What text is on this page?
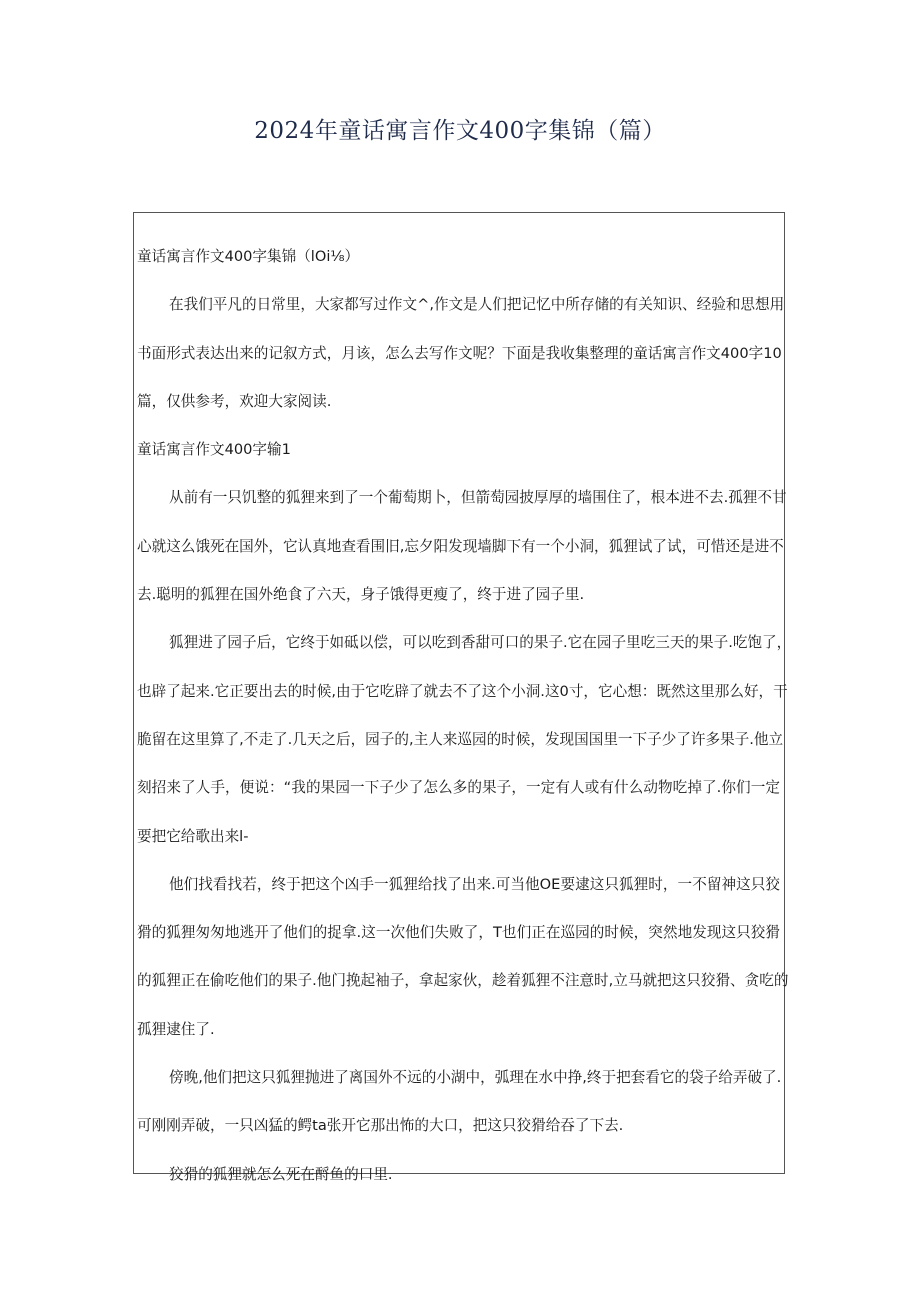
2024年童话寓言作文400字集锦（篇）
童话寓言作文400字集锦（lOi⅛）
在我们平凡的日常里，大家都写过作文^,作文是人们把记忆中所存储的有关知识、经验和思想用
书面形式表达出来的记叙方式，月该，怎么去写作文呢？下面是我收集整理的童话寓言作文400字10
篇，仅供参考，欢迎大家阅读.
童话寓言作文400字输1
从前有一只饥整的狐狸来到了一个葡萄期卜，但箭萄园披厚厚的墙围住了，根本进不去.孤狸不甘
心就这么饿死在国外，它认真地查看围旧,忘夕阳发现墙脚下有一个小洞，狐狸试了试，可惜还是进不
去.聪明的狐狸在国外绝食了六天，身子饿得更瘦了，终于进了园子里.
狐狸进了园子后，它终于如砥以偿，可以吃到香甜可口的果子.它在园子里吃三天的果子.吃饱了，
也辟了起来.它正要出去的时候,由于它吃辟了就去不了这个小洞.这0寸，它心想：既然这里那么好，干
脆留在这里算了,不走了.几天之后，园子的,主人来巡园的时候，发现国国里一下子少了许多果子.他立
刻招来了人手，便说：“我的果园一下子少了怎么多的果子，一定有人或有什么动物吃掉了.你们一定
要把它给歌出来l-
他们找看找若，终于把这个凶手一狐狸给找了出来.可当他OE要逮这只狐狸时，一不留神这只狡
猾的狐狸匆匆地逃开了他们的捉拿.这一次他们失败了，T也们正在巡园的时候，突然地发现这只狡猾
的狐狸正在偷吃他们的果子.他门挽起袖子，拿起家伙，趁着狐狸不注意时,立马就把这只狡猾、贪吃的
孤狸逮住了.
傍晚,他们把这只狐狸抛进了离国外不远的小湖中，弧理在水中挣,终于把套看它的袋子给弄破了.
可刚刚弄破，一只凶猛的鳄ta张开它那出怖的大口，把这只狡猾给吞了下去.
狡猾的狐狸就怎么死在酹鱼的口里.
